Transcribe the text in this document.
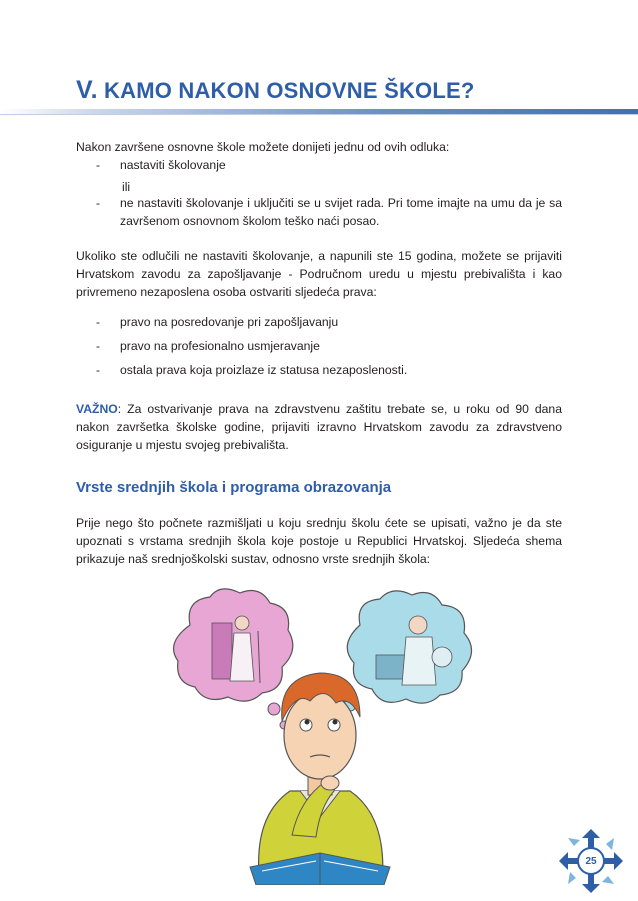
V. KAMO NAKON OSNOVNE ŠKOLE?
Nakon završene osnovne škole možete donijeti jednu od ovih odluka:
- nastaviti školovanje
ili
- ne nastaviti školovanje i uključiti se u svijet rada. Pri tome imajte na umu da je sa završenom osnovnom školom teško naći posao.
Ukoliko ste odlučili ne nastaviti školovanje, a napunili ste 15 godina, možete se prijaviti Hrvatskom zavodu za zapošljavanje - Područnom uredu u mjestu prebivališta i kao privremeno nezaposlena osoba ostvariti sljedeća prava:
- pravo na posredovanje pri zapošljavanju
- pravo na profesionalno usmjeravanje
- ostala prava koja proizlaze iz statusa nezaposlenosti.
VAŽNO: Za ostvarivanje prava na zdravstvenu zaštitu trebate se, u roku od 90 dana nakon završetka školske godine, prijaviti izravno Hrvatskom zavodu za zdravstveno osiguranje u mjestu svojeg prebivališta.
Vrste srednjih škola i programa obrazovanja
Prije nego što počnete razmišljati u koju srednju školu ćete se upisati, važno je da ste upoznati s vrstama srednjih škola koje postoje u Republici Hrvatskoj. Sljedeća shema prikazuje naš srednjoškolski sustav, odnosno vrste srednjih škola:
25
